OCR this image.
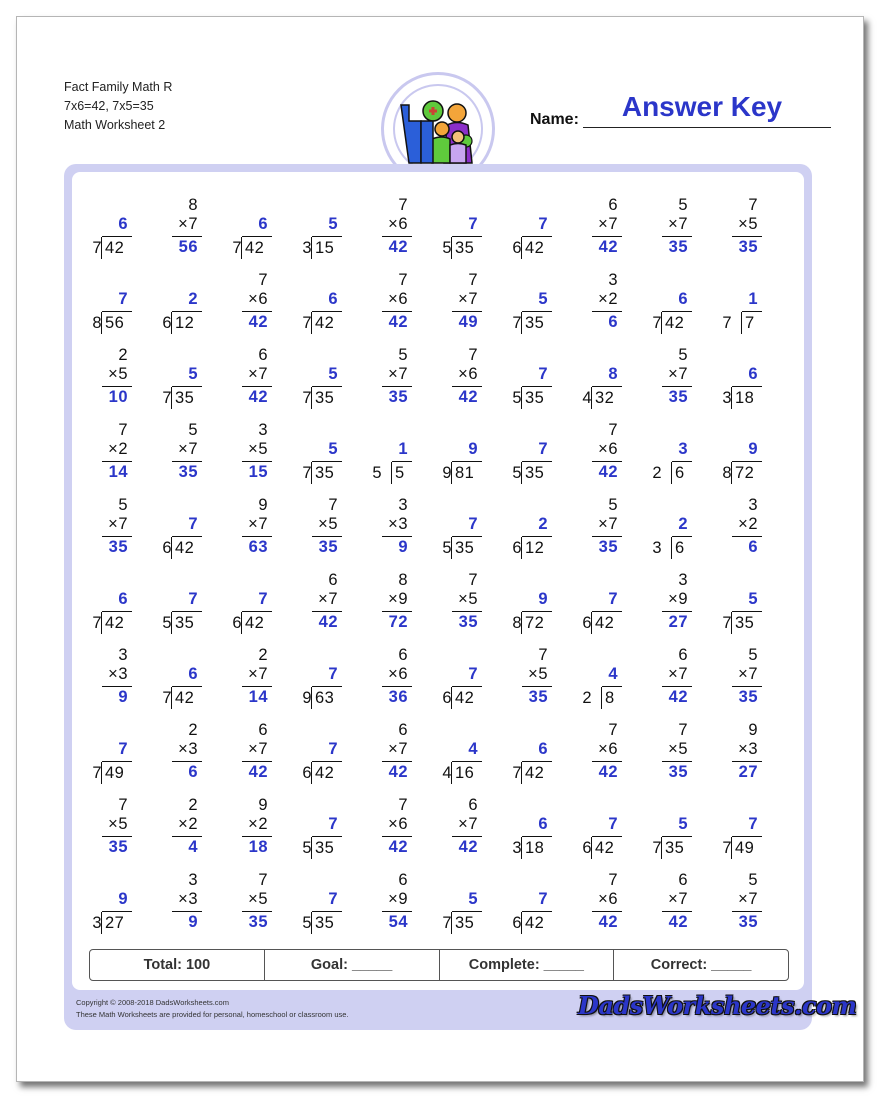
Fact Family Math R
7x6=42, 7x5=35
Math Worksheet 2	Name:	Answer Key
6
7 42
8
×7
56
6
7 42
5
3 15
7
×6
42
7
5 35
7
6 42
6
×7
42
5
×7
35
7
×5
35
7
8 56
2
6 12
7
×6
42
6
7 42
7
×6
42
7
×7
49
5
7 35
3
×2
6
6
7 42
1
7 7
2
×5
10
5
7 35
6
×7
42
5
7 35
5
×7
35
7
×6
42
7
5 35
8
4 32
5
×7
35
6
3 18
7
×2
14
5
×7
35
3
×5
15
5
7 35
1
5 5
9
9 81
7
5 35
7
×6
42
3
2 6
9
8 72
5
×7
35
7
6 42
9
×7
63
7
×5
35
3
×3
9
7
5 35
2
6 12
5
×7
35
2
3 6
3
×2
6
6
7 42
7
5 35
7
6 42
6
×7
42
8
×9
72
7
×5
35
9
8 72
7
6 42
3
×9
27
5
7 35
3
×3
9
6
7 42
2
×7
14
7
9 63
6
×6
36
7
6 42
7
×5
35
4
2 8
6
×7
42
5
×7
35
7
7 49
2
×3
6
6
×7
42
7
6 42
6
×7
42
4
4 16
6
7 42
7
×6
42
7
×5
35
9
×3
27
7
×5
35
2
×2
4
9
×2
18
7
5 35
7
×6
42
6
×7
42
6
3 18
7
6 42
5
7 35
7
7 49
9
3 27
3
×3
9
7
×5
35
7
5 35
6
×9
54
5
7 35
7
6 42
7
×6
42
6
×7
42
5
×7
35
Total: 100	Goal: _____	Complete: _____	Correct: _____
Copyright © 2008-2018 DadsWorksheets.com
These Math Worksheets are provided for personal, homeschool or classroom use.	DadsWorksheets.com
